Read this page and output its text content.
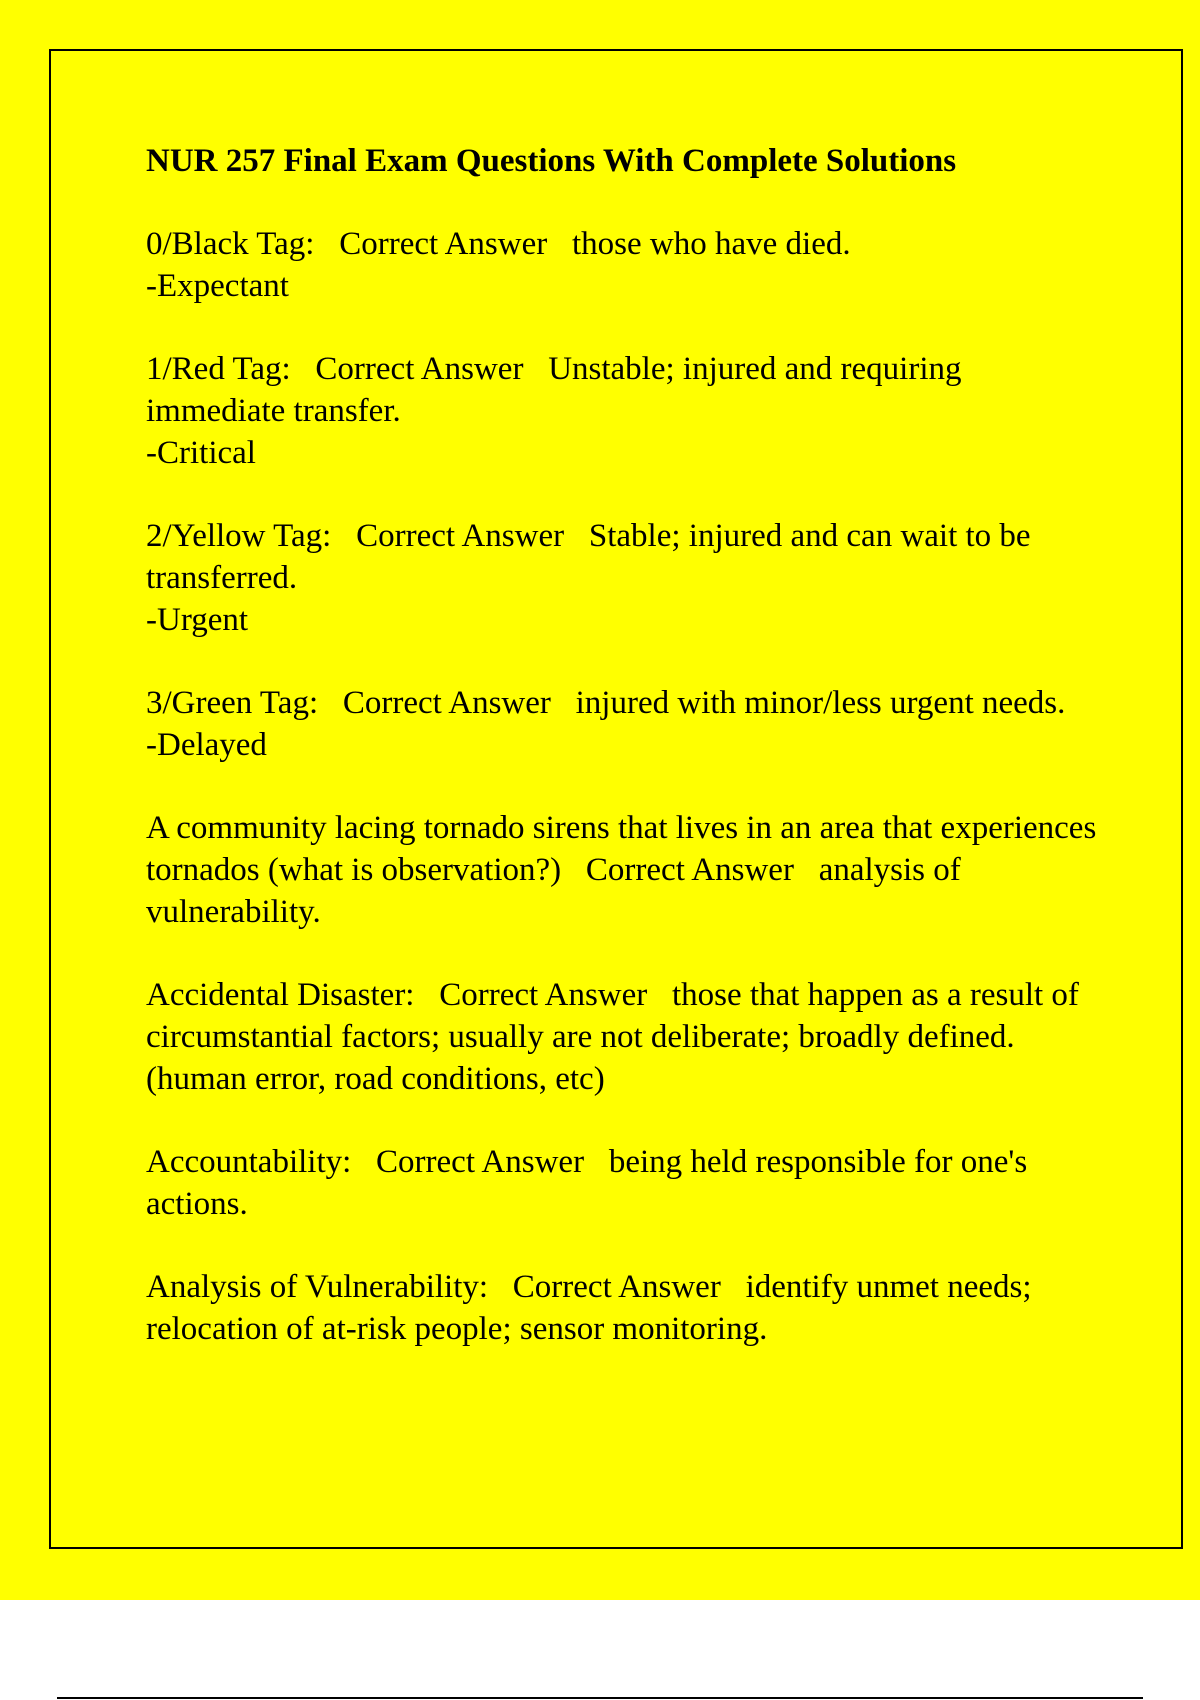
NUR 257 Final Exam Questions With Complete Solutions

0/Black Tag: Correct Answer those who have died.

-Expectant

1/Red Tag: Correct Answer Unstable; injured and requiring immediate transfer.

-Critical

2/Yellow Tag: Correct Answer Stable; injured and can wait to be transferred.

-Urgent

3/Green Tag: Correct Answer injured with minor/less urgent needs.

-Delayed

A community lacing tornado sirens that lives in an area that experiences tornados (what is observation?) Correct Answer analysis of vulnerability.

Accidental Disaster: Correct Answer those that happen as a result of circumstantial factors; usually are not deliberate; broadly defined. (human error, road conditions, etc)

Accountability: Correct Answer being held responsible for one's actions.

Analysis of Vulnerability: Correct Answer identify unmet needs; relocation of at-risk people; sensor monitoring.
